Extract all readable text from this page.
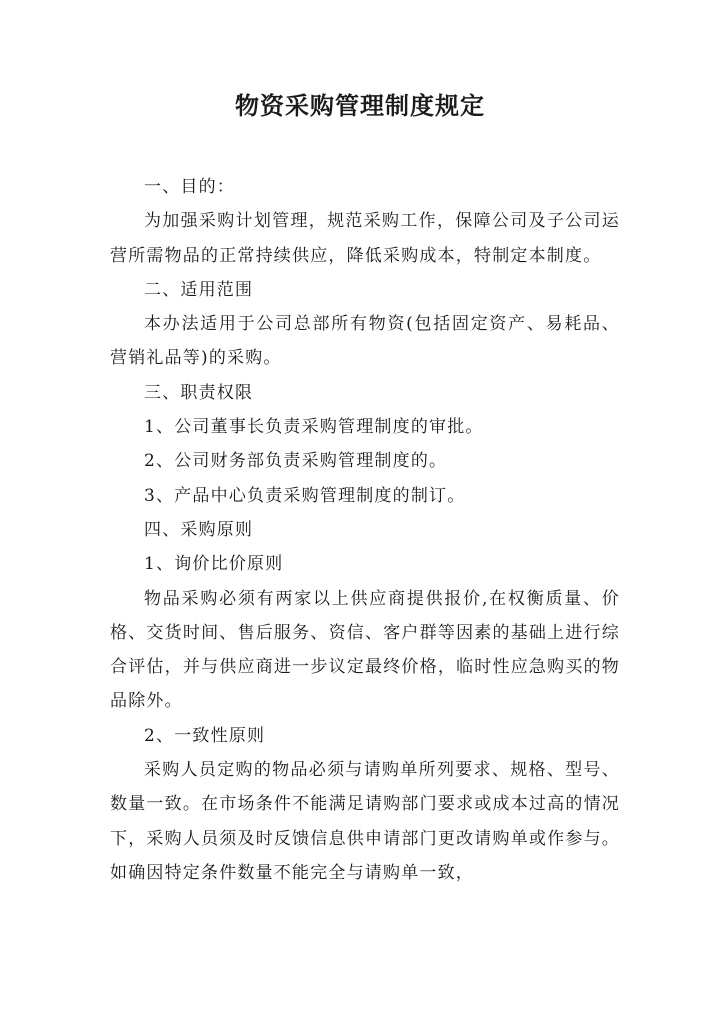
物资采购管理制度规定

一、目的：

为加强采购计划管理，规范采购工作，保障公司及子公司运营所需物品的正常持续供应，降低采购成本，特制定本制度。

二、适用范围

本办法适用于公司总部所有物资(包括固定资产、易耗品、营销礼品等)的采购。

三、职责权限

1、公司董事长负责采购管理制度的审批。

2、公司财务部负责采购管理制度的。

3、产品中心负责采购管理制度的制订。

四、采购原则

1、询价比价原则

物品采购必须有两家以上供应商提供报价,在权衡质量、价格、交货时间、售后服务、资信、客户群等因素的基础上进行综合评估，并与供应商进一步议定最终价格，临时性应急购买的物品除外。

2、一致性原则

采购人员定购的物品必须与请购单所列要求、规格、型号、数量一致。在市场条件不能满足请购部门要求或成本过高的情况下，采购人员须及时反馈信息供申请部门更改请购单或作参与。如确因特定条件数量不能完全与请购单一致，
